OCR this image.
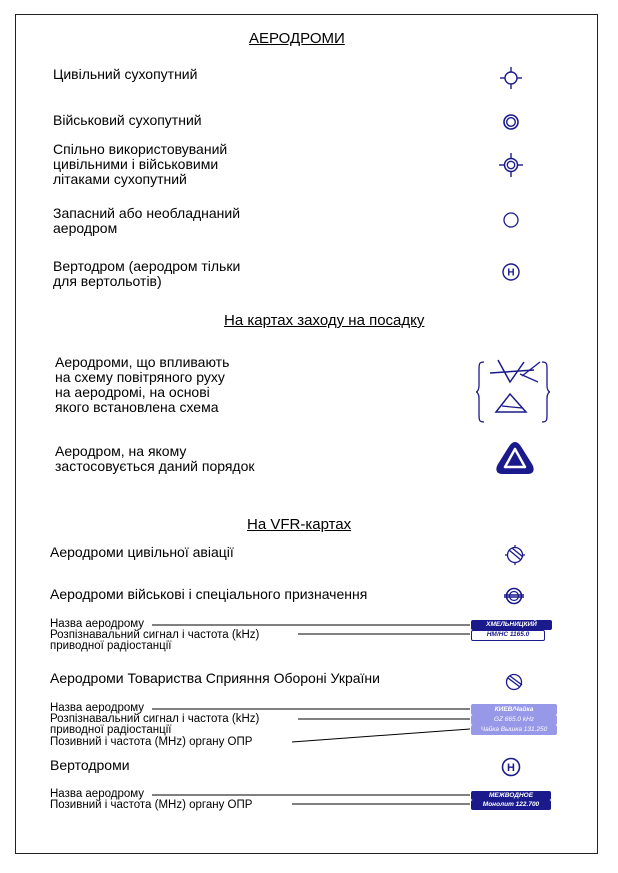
АЕРОДРОМИ
На картах заходу на посадку
На VFR-картах
Цивільний сухопутний
Військовий сухопутний
Спільно використовуваний
цивільними і військовими
літаками сухопутний
Запасний або необладнаний
аеродром
Вертодром (аеродром тільки
для вертольотів)
Аеродроми, що впливають
на схему повітряного руху
на аеродромі, на основі
якого встановлена схема
Аеродром, на якому
застосовується даний порядок
Аеродроми цивільної авіації
Аеродроми військові і спеціального призначення
Аеродроми Товариства Сприяння Обороні України
Вертодроми
Назва аеродрому
Розпізнавальний сигнал і частота (kHz)
приводної радіостанції
Назва аеродрому
Розпізнавальний сигнал і частота (kHz)
приводної радіостанції
Позивний і частота (MHz) органу ОПР
Назва аеродрому
Позивний і частота (MHz) органу ОПР
H
H
ХМЕЛЬНИЦКИЙ
НМ/НС 1165.0
КИЕВ/Чайка
GZ 665.0 kHz
Чайка Вышка 131.250
МЕЖВОДНОЕ
Монолит 122.700
